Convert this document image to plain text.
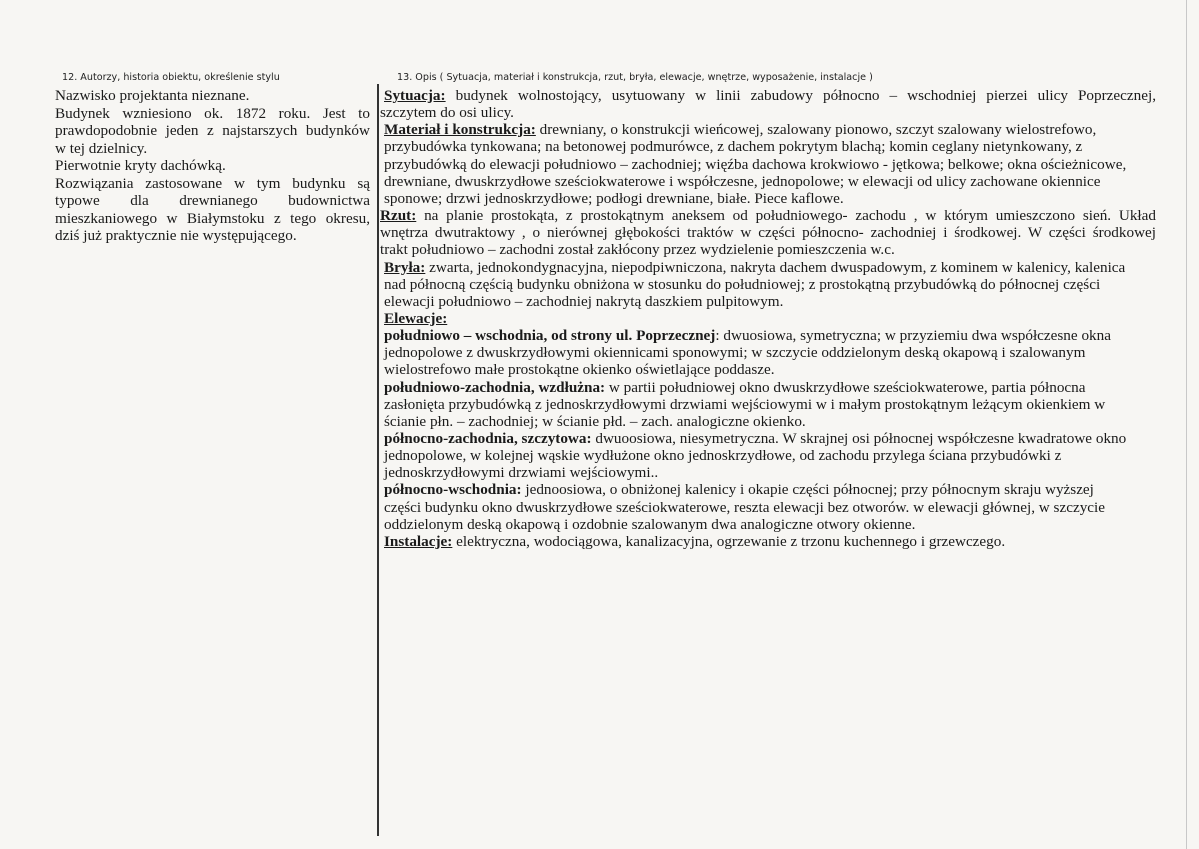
12. Autorzy, historia obiektu, określenie stylu	13. Opis ( Sytuacja, materiał i konstrukcja, rzut, bryła, elewacje, wnętrze, wyposażenie, instalacje )
Nazwisko projektanta nieznane.
Budynek wzniesiono ok. 1872 roku. Jest to
prawdopodobnie jeden z najstarszych budynków
w tej dzielnicy.
Pierwotnie kryty dachówką.
Rozwiązania zastosowane w tym budynku są
typowe dla drewnianego budownictwa
mieszkaniowego w Białymstoku z tego okresu,
dziś już praktycznie nie występującego.
Sytuacja: budynek wolnostojący, usytuowany w linii zabudowy północno – wschodniej pierzei ulicy Poprzecznej,
szczytem do osi ulicy.
Materiał i konstrukcja: drewniany, o konstrukcji wieńcowej, szalowany pionowo, szczyt szalowany wielostrefowo,
przybudówka tynkowana; na betonowej podmurówce, z dachem pokrytym blachą; komin ceglany nietynkowany, z
przybudówką do elewacji południowo – zachodniej; więźba dachowa krokwiowo - jętkowa; belkowe; okna ościeżnicowe,
drewniane, dwuskrzydłowe sześciokwaterowe i współczesne, jednopolowe; w elewacji od ulicy zachowane okiennice
sponowe; drzwi jednoskrzydłowe; podłogi drewniane, białe. Piece kaflowe.
Rzut: na planie prostokąta, z prostokątnym aneksem od południowego- zachodu , w którym umieszczono sień. Układ
wnętrza dwutraktowy , o nierównej głębokości traktów w części północno- zachodniej i środkowej. W części środkowej
trakt południowo – zachodni został zakłócony przez wydzielenie pomieszczenia w.c.
Bryła: zwarta, jednokondygnacyjna, niepodpiwniczona, nakryta dachem dwuspadowym, z kominem w kalenicy, kalenica
nad północną częścią budynku obniżona w stosunku do południowej; z prostokątną przybudówką do północnej części
elewacji południowo – zachodniej nakrytą daszkiem pulpitowym.
Elewacje:
południowo – wschodnia, od strony ul. Poprzecznej: dwuosiowa, symetryczna; w przyziemiu dwa współczesne okna
jednopolowe z dwuskrzydłowymi okiennicami sponowymi; w szczycie oddzielonym deską okapową i szalowanym
wielostrefowo małe prostokątne okienko oświetlające poddasze.
południowo-zachodnia, wzdłużna: w partii południowej okno dwuskrzydłowe sześciokwaterowe, partia północna
zasłonięta przybudówką z jednoskrzydłowymi drzwiami wejściowymi w i małym prostokątnym leżącym okienkiem w
ścianie płn. – zachodniej; w ścianie płd. – zach. analogiczne okienko.
północno-zachodnia, szczytowa: dwuoosiowa, niesymetryczna. W skrajnej osi północnej współczesne kwadratowe okno
jednopolowe, w kolejnej wąskie wydłużone okno jednoskrzydłowe, od zachodu przylega ściana przybudówki z
jednoskrzydłowymi drzwiami wejściowymi..
północno-wschodnia: jednoosiowa, o obniżonej kalenicy i okapie części północnej; przy północnym skraju wyższej
części budynku okno dwuskrzydłowe sześciokwaterowe, reszta elewacji bez otworów. w elewacji głównej, w szczycie
oddzielonym deską okapową i ozdobnie szalowanym dwa analogiczne otwory okienne.
Instalacje: elektryczna, wodociągowa, kanalizacyjna, ogrzewanie z trzonu kuchennego i grzewczego.
